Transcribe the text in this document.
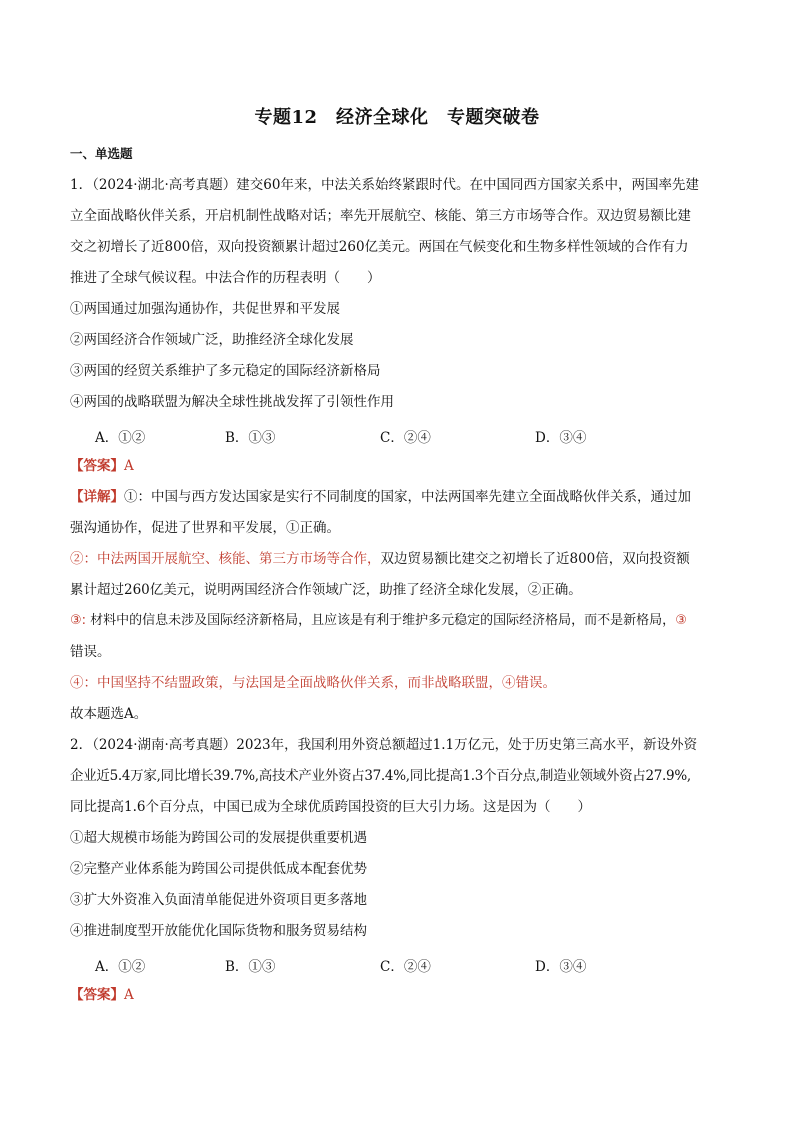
专题12　经济全球化　专题突破卷
一、单选题
1．（2024·湖北·高考真题）建交60年来，中法关系始终紧跟时代。在中国同西方国家关系中，两国率先建
立全面战略伙伴关系，开启机制性战略对话；率先开展航空、核能、第三方市场等合作。双边贸易额比建
交之初增长了近800倍，双向投资额累计超过260亿美元。两国在气候变化和生物多样性领域的合作有力
推进了全球气候议程。中法合作的历程表明（　　）
①两国通过加强沟通协作，共促世界和平发展
②两国经济合作领域广泛，助推经济全球化发展
③两国的经贸关系维护了多元稳定的国际经济新格局
④两国的战略联盟为解决全球性挑战发挥了引领性作用
A．①②	B．①③	C．②④	D．③④
【答案】A
【详解】①：中国与西方发达国家是实行不同制度的国家，中法两国率先建立全面战略伙伴关系，通过加
强沟通协作，促进了世界和平发展，①正确。
②：中法两国开展航空、核能、第三方市场等合作，双边贸易额比建交之初增长了近800倍，双向投资额
累计超过260亿美元，说明两国经济合作领域广泛，助推了经济全球化发展，②正确。
③: 材料中的信息未涉及国际经济新格局，且应该是有利于维护多元稳定的国际经济格局，而不是新格局，③
错误。
④：中国坚持不结盟政策，与法国是全面战略伙伴关系，而非战略联盟，④错误。
故本题选A。
2．（2024·湖南·高考真题）2023年，我国利用外资总额超过1.1万亿元，处于历史第三高水平，新设外资
企业近5.4万家,同比增长39.7%,高技术产业外资占37.4%,同比提高1.3个百分点,制造业领域外资占27.9%,
同比提高1.6个百分点，中国已成为全球优质跨国投资的巨大引力场。这是因为（　　）
①超大规模市场能为跨国公司的发展提供重要机遇
②完整产业体系能为跨国公司提供低成本配套优势
③扩大外资准入负面清单能促进外资项目更多落地
④推进制度型开放能优化国际货物和服务贸易结构
A．①②	B．①③	C．②④	D．③④
【答案】A
